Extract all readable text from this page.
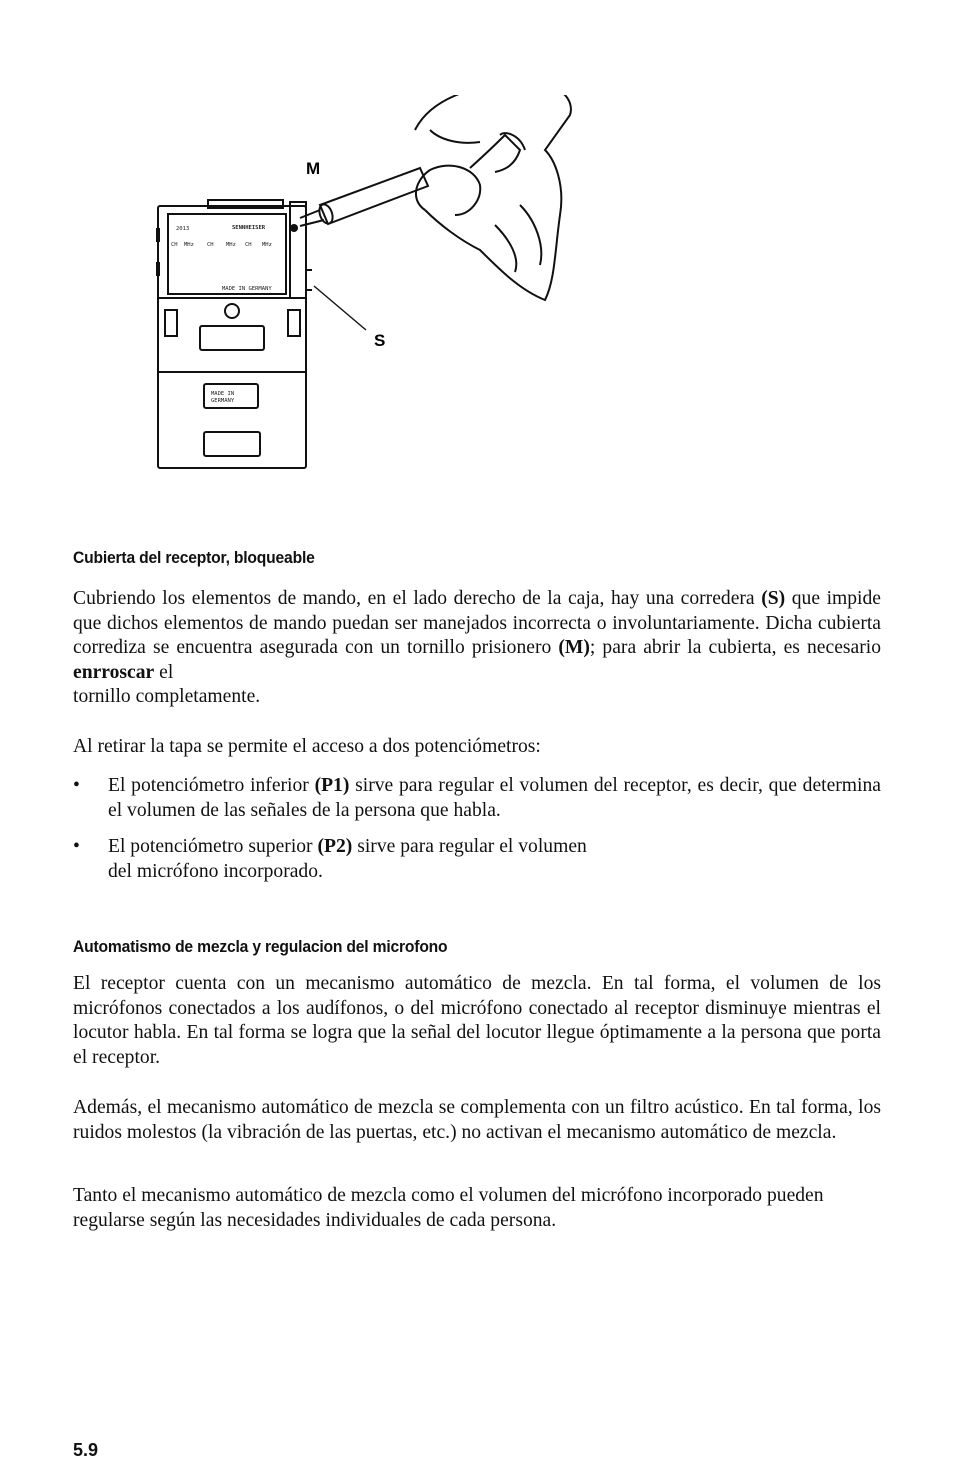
2013	SENNHEISER
CH MHz CH MHz CH MHz
MADE IN GERMANY
MADE IN
GERMANY
M
S
Cubierta del receptor, bloqueable
Cubriendo los elementos de mando, en el lado derecho de la caja, hay una corredera (S) que impide que dichos elementos de mando puedan ser manejados incorrecta o involuntariamente. Dicha cubierta corrediza se encuentra asegurada con un tornillo prisionero (M); para abrir la cubierta, es necesario enrroscar el
tornillo completamente.
Al retirar la tapa se permite el acceso a dos potenciómetros:
• El potenciómetro inferior (P1) sirve para regular el volumen del receptor, es decir, que determina el volumen de las señales de la persona que habla.
• El potenciómetro superior (P2) sirve para regular el volumen
del micrófono incorporado.
Automatismo de mezcla y regulacion del microfono
El receptor cuenta con un mecanismo automático de mezcla. En tal forma, el volumen de los micrófonos conectados a los audífonos, o del micrófono conectado al receptor disminuye mientras el locutor habla. En tal forma se logra que la señal del locutor llegue óptimamente a la persona que porta el receptor.
Además, el mecanismo automático de mezcla se complementa con un filtro acústico. En tal forma, los ruidos molestos (la vibración de las puertas, etc.) no activan el mecanismo automático de mezcla.
Tanto el mecanismo automático de mezcla como el volumen del micrófono incorporado pueden regularse según las necesidades individuales de cada persona.
5.9
